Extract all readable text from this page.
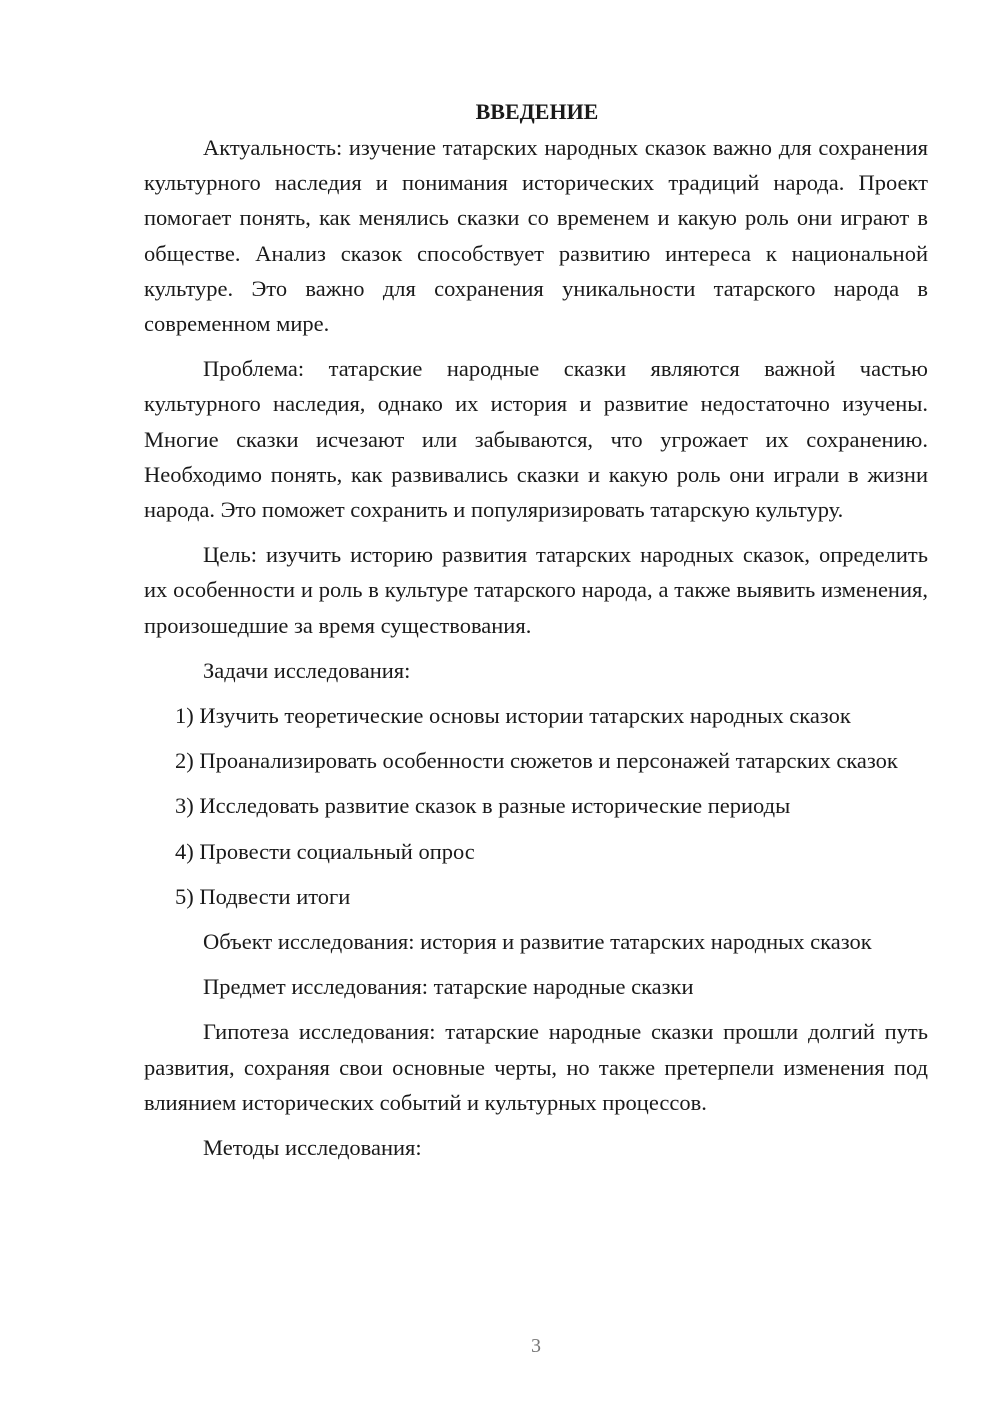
ВВЕДЕНИЕ

Актуальность: изучение татарских народных сказок важно для сохранения культурного наследия и понимания исторических традиций народа. Проект помогает понять, как менялись сказки со временем и какую роль они играют в обществе. Анализ сказок способствует развитию интереса к национальной культуре. Это важно для сохранения уникальности татарского народа в современном мире.

Проблема: татарские народные сказки являются важной частью культурного наследия, однако их история и развитие недостаточно изучены. Многие сказки исчезают или забываются, что угрожает их сохранению. Необходимо понять, как развивались сказки и какую роль они играли в жизни народа. Это поможет сохранить и популяризировать татарскую культуру.

Цель: изучить историю развития татарских народных сказок, определить их особенности и роль в культуре татарского народа, а также выявить изменения, произошедшие за время существования.

Задачи исследования:

1) Изучить теоретические основы истории татарских народных сказок

2) Проанализировать особенности сюжетов и персонажей татарских сказок

3) Исследовать развитие сказок в разные исторические периоды

4) Провести социальный опрос

5) Подвести итоги

Объект исследования: история и развитие татарских народных сказок

Предмет исследования: татарские народные сказки

Гипотеза исследования: татарские народные сказки прошли долгий путь развития, сохраняя свои основные черты, но также претерпели изменения под влиянием исторических событий и культурных процессов.

Методы исследования:

3
